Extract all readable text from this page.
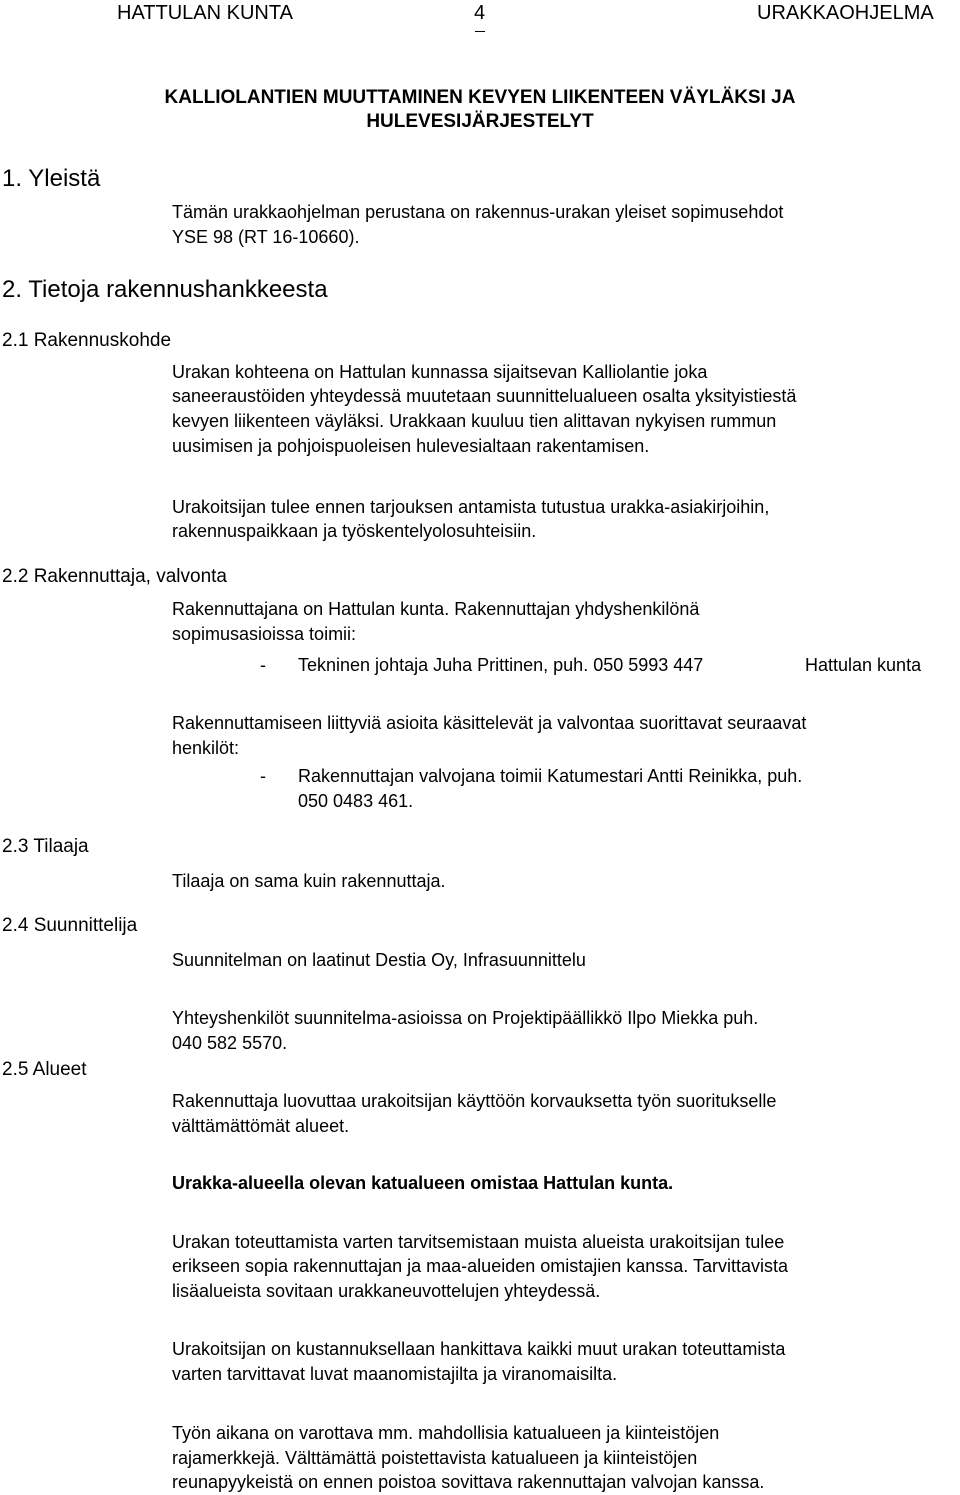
HATTULAN KUNTA	4	URAKKAOHJELMA
KALLIOLANTIEN MUUTTAMINEN KEVYEN LIIKENTEEN VÄYLÄKSI JA
HULEVESIJÄRJESTELYT
1. Yleistä
Tämän urakkaohjelman perustana on rakennus-urakan yleiset sopimusehdot
YSE 98 (RT 16-10660).
2. Tietoja rakennushankkeesta
2.1 Rakennuskohde
Urakan kohteena on Hattulan kunnassa sijaitsevan Kalliolantie joka
saneeraustöiden yhteydessä muutetaan suunnittelualueen osalta yksityistiestä
kevyen liikenteen väyläksi. Urakkaan kuuluu tien alittavan nykyisen rummun
uusimisen ja pohjoispuoleisen hulevesialtaan rakentamisen.
Urakoitsijan tulee ennen tarjouksen antamista tutustua urakka-asiakirjoihin,
rakennuspaikkaan ja työskentelyolosuhteisiin.
2.2 Rakennuttaja, valvonta
Rakennuttajana on Hattulan kunta. Rakennuttajan yhdyshenkilönä
sopimusasioissa toimii:
- Tekninen johtaja Juha Prittinen, puh. 050 5993 447	Hattulan kunta
Rakennuttamiseen liittyviä asioita käsittelevät ja valvontaa suorittavat seuraavat
henkilöt:
- Rakennuttajan valvojana toimii Katumestari Antti Reinikka, puh.
050 0483 461.
2.3 Tilaaja
Tilaaja on sama kuin rakennuttaja.
2.4 Suunnittelija
Suunnitelman on laatinut Destia Oy, Infrasuunnittelu
Yhteyshenkilöt suunnitelma-asioissa on Projektipäällikkö Ilpo Miekka puh.
040 582 5570.
2.5 Alueet
Rakennuttaja luovuttaa urakoitsijan käyttöön korvauksetta työn suoritukselle
välttämättömät alueet.
Urakka-alueella olevan katualueen omistaa Hattulan kunta.
Urakan toteuttamista varten tarvitsemistaan muista alueista urakoitsijan tulee
erikseen sopia rakennuttajan ja maa-alueiden omistajien kanssa. Tarvittavista
lisäalueista sovitaan urakkaneuvottelujen yhteydessä.
Urakoitsijan on kustannuksellaan hankittava kaikki muut urakan toteuttamista
varten tarvittavat luvat maanomistajilta ja viranomaisilta.
Työn aikana on varottava mm. mahdollisia katualueen ja kiinteistöjen
rajamerkkejä. Välttämättä poistettavista katualueen ja kiinteistöjen
reunapyykeistä on ennen poistoa sovittava rakennuttajan valvojan kanssa.
